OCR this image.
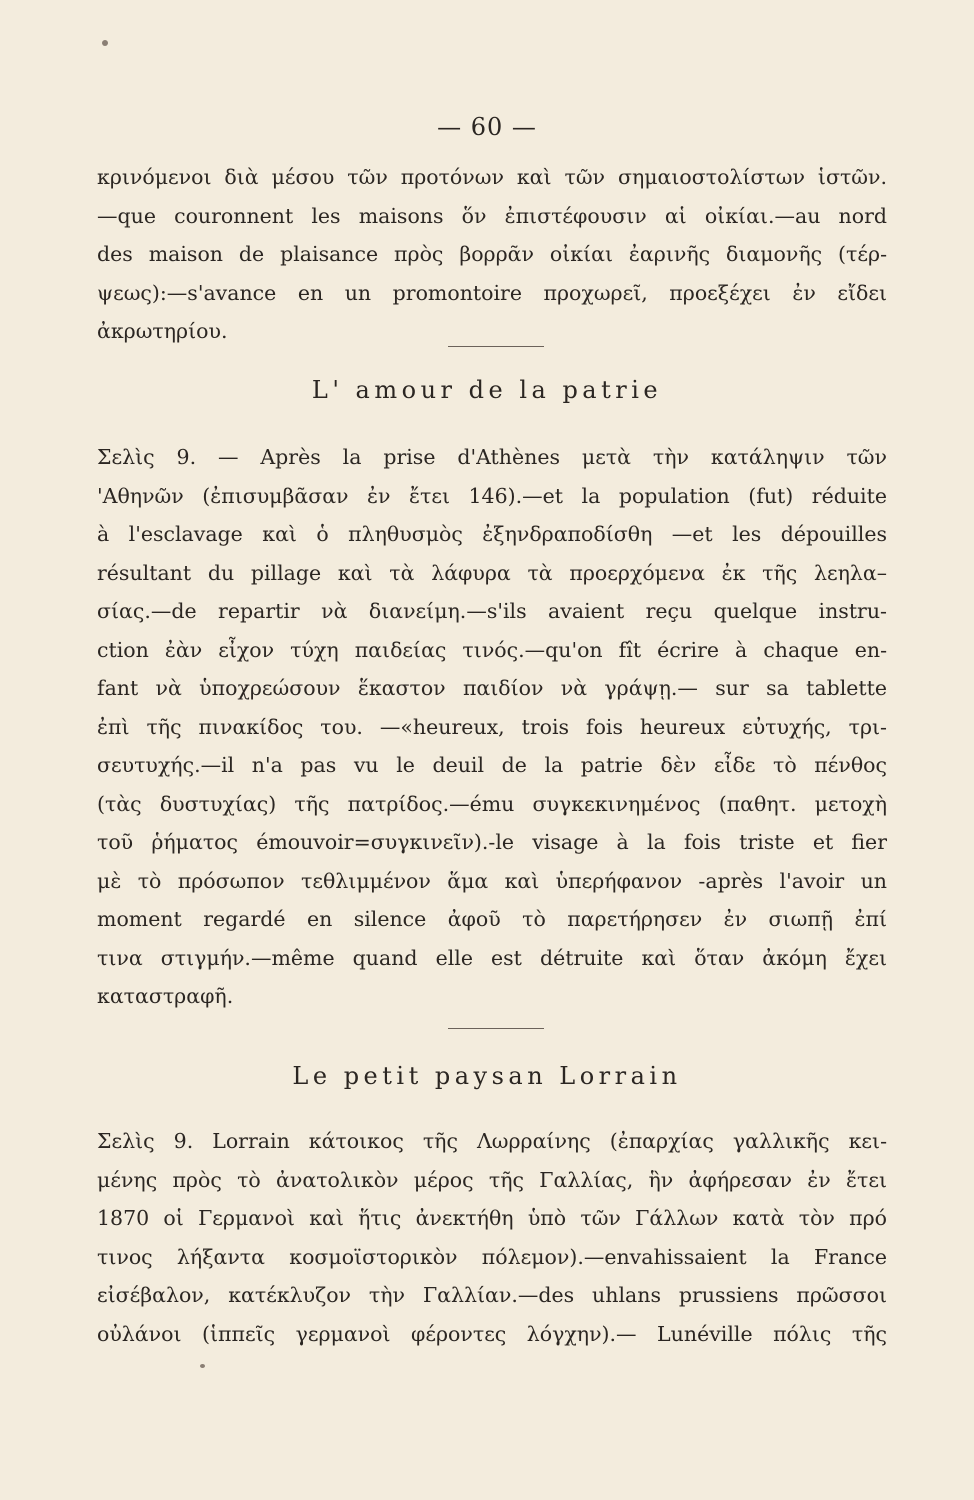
— 60 —
κρινόμενοι διὰ μέσου τῶν προτόνων καὶ τῶν σημαιοστολίστων ἱστῶν.
—que couronnent les maisons ὅν ἐπιστέφουσιν αἱ οἰκίαι.—au nord
des maison de plaisance πρὸς βορρᾶν οἰκίαι ἐαρινῆς διαμονῆς (τέρ-
ψεως):—s'avance en un promontoire προχωρεῖ, προεξέχει ἐν εἴδει
ἀκρωτηρίου.
L' amour de la patrie
Σελὶς 9. — Après la prise d'Athènes μετὰ τὴν κατάληψιν τῶν
'Αθηνῶν (ἐπισυμβᾶσαν ἐν ἔτει 146).—et la population (fut) réduite
à l'esclavage καὶ ὁ πληθυσμὸς ἐξηνδραποδίσθη —et les dépouilles
résultant du pillage καὶ τὰ λάφυρα τὰ προερχόμενα ἐκ τῆς λεηλα–
σίας.—de repartir νὰ διανείμη.—s'ils avaient reçu quelque instru-
ction ἐὰν εἶχον τύχη παιδείας τινός.—qu'on fît écrire à chaque en-
fant νὰ ὑποχρεώσουν ἕκαστον παιδίον νὰ γράψῃ.— sur sa tablette
ἐπὶ τῆς πινακίδος του. —«heureux, trois fois heureux εὐτυχής, τρι-
σευτυχής.—il n'a pas vu le deuil de la patrie δὲν εἶδε τὸ πένθος
(τὰς δυστυχίας) τῆς πατρίδος.—ému συγκεκινημένος (παθητ. μετοχὴ
τοῦ ῥήματος émouvoir=συγκινεῖν).-le visage à la fois triste et fier
μὲ τὸ πρόσωπον τεθλιμμένον ἅμα καὶ ὑπερήφανον -après l'avoir un
moment regardé en silence ἀφοῦ τὸ παρετήρησεν ἐν σιωπῇ ἐπί
τινα στιγμήν.—même quand elle est détruite καὶ ὅταν ἀκόμη ἔχει
καταστραφῆ.
Le petit paysan Lorrain
Σελὶς 9. Lorrain κάτοικος τῆς Λωρραίνης (ἐπαρχίας γαλλικῆς κει-
μένης πρὸς τὸ ἀνατολικὸν μέρος τῆς Γαλλίας, ἣν ἀφήρεσαν ἐν ἔτει
1870 οἱ Γερμανοὶ καὶ ἥτις ἀνεκτήθη ὑπὸ τῶν Γάλλων κατὰ τὸν πρό
τινος λήξαντα κοσμοϊστορικὸν πόλεμον).—envahissaient la France
εἰσέβαλον, κατέκλυζον τὴν Γαλλίαν.—des uhlans prussiens πρῶσσοι
οὐλάνοι (ἱππεῖς γερμανοὶ φέροντες λόγχην).— Lunéville πόλις τῆς
